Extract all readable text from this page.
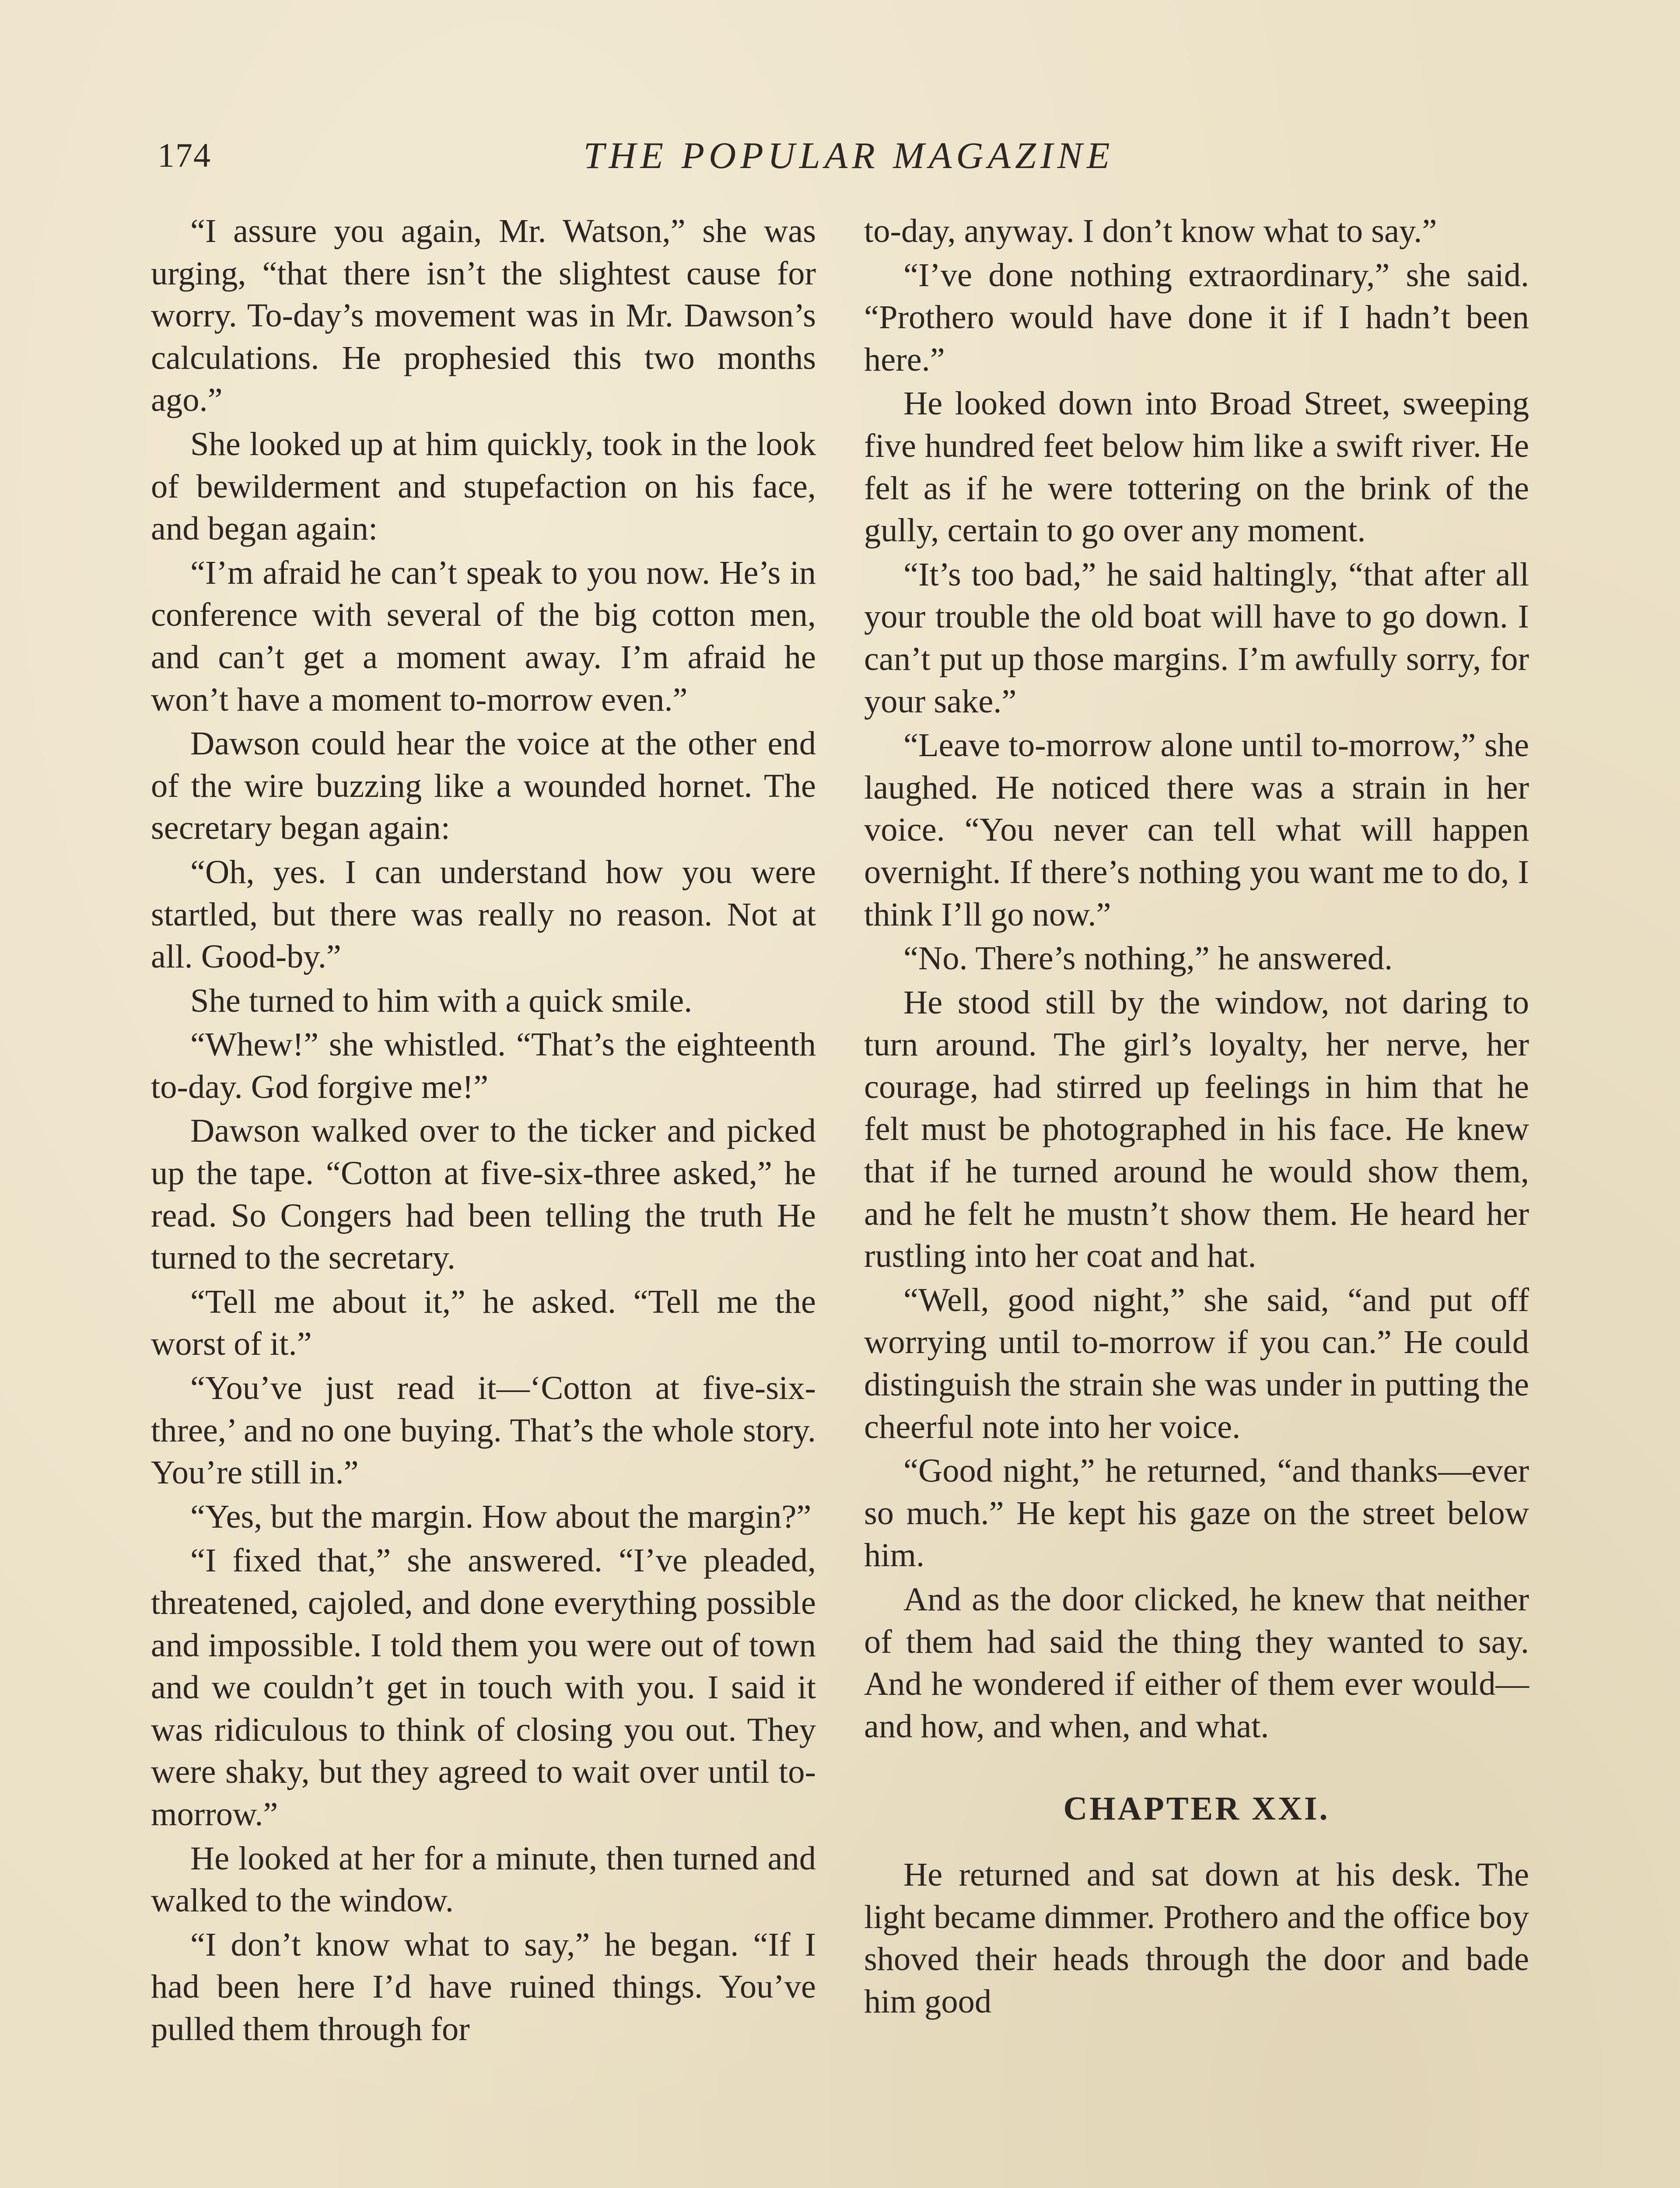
174	THE POPULAR MAGAZINE

“I assure you again, Mr. Watson,” she was urging, “that there isn’t the slightest cause for worry. To-day’s movement was in Mr. Dawson’s calculations. He prophesied this two months ago.”

She looked up at him quickly, took in the look of bewilderment and stupefaction on his face, and began again:

“I’m afraid he can’t speak to you now. He’s in conference with several of the big cotton men, and can’t get a moment away. I’m afraid he won’t have a moment to-morrow even.”

Dawson could hear the voice at the other end of the wire buzzing like a wounded hornet. The secretary began again:

“Oh, yes. I can understand how you were startled, but there was really no reason. Not at all. Good-by.”

She turned to him with a quick smile.

“Whew!” she whistled. “That’s the eighteenth to-day. God forgive me!”

Dawson walked over to the ticker and picked up the tape. “Cotton at five-six-three asked,” he read. So Congers had been telling the truth He turned to the secretary.

“Tell me about it,” he asked. “Tell me the worst of it.”

“You’ve just read it—‘Cotton at five-six-three,’ and no one buying. That’s the whole story. You’re still in.”

“Yes, but the margin. How about the margin?”

“I fixed that,” she answered. “I’ve pleaded, threatened, cajoled, and done everything possible and impossible. I told them you were out of town and we couldn’t get in touch with you. I said it was ridiculous to think of closing you out. They were shaky, but they agreed to wait over until to-morrow.”

He looked at her for a minute, then turned and walked to the window.

“I don’t know what to say,” he began. “If I had been here I’d have ruined things. You’ve pulled them through for

to-day, anyway. I don’t know what to say.”

“I’ve done nothing extraordinary,” she said. “Prothero would have done it if I hadn’t been here.”

He looked down into Broad Street, sweeping five hundred feet below him like a swift river. He felt as if he were tottering on the brink of the gully, certain to go over any moment.

“It’s too bad,” he said haltingly, “that after all your trouble the old boat will have to go down. I can’t put up those margins. I’m awfully sorry, for your sake.”

“Leave to-morrow alone until to-morrow,” she laughed. He noticed there was a strain in her voice. “You never can tell what will happen overnight. If there’s nothing you want me to do, I think I’ll go now.”

“No. There’s nothing,” he answered.

He stood still by the window, not daring to turn around. The girl’s loyalty, her nerve, her courage, had stirred up feelings in him that he felt must be photographed in his face. He knew that if he turned around he would show them, and he felt he mustn’t show them. He heard her rustling into her coat and hat.

“Well, good night,” she said, “and put off worrying until to-morrow if you can.” He could distinguish the strain she was under in putting the cheerful note into her voice.

“Good night,” he returned, “and thanks—ever so much.” He kept his gaze on the street below him.

And as the door clicked, he knew that neither of them had said the thing they wanted to say. And he wondered if either of them ever would—and how, and when, and what.

CHAPTER XXI.

He returned and sat down at his desk. The light became dimmer. Prothero and the office boy shoved their heads through the door and bade him good
